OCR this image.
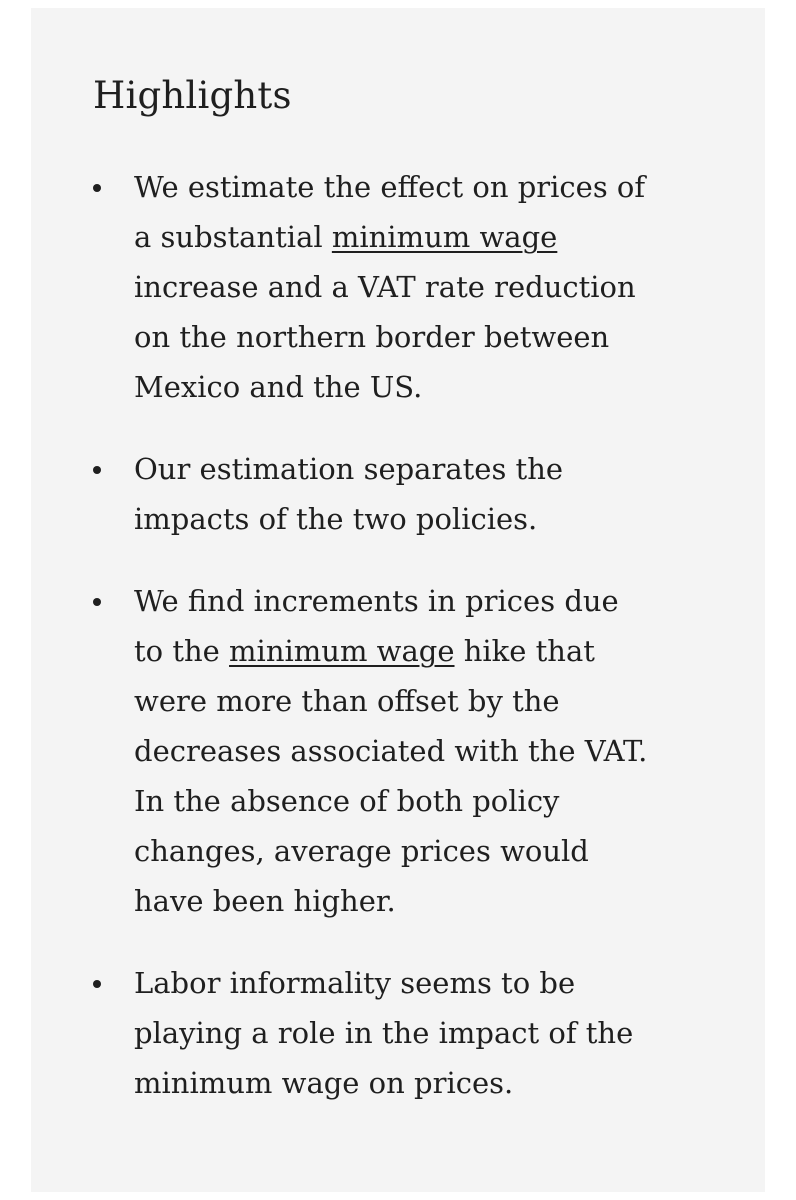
Highlights
We estimate the effect on prices of a substantial minimum wage increase and a VAT rate reduction on the northern border between Mexico and the US.
Our estimation separates the impacts of the two policies.
We find increments in prices due to the minimum wage hike that were more than offset by the decreases associated with the VAT. In the absence of both policy changes, average prices would have been higher.
Labor informality seems to be playing a role in the impact of the minimum wage on prices.
